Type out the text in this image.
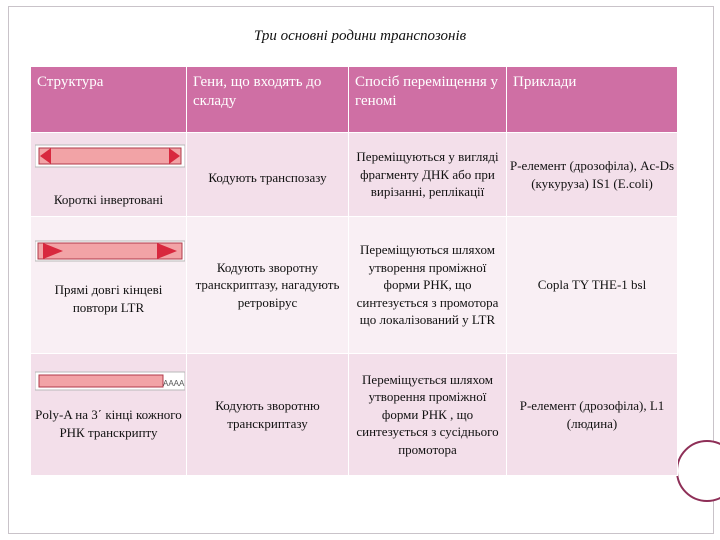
Три основні родини транспозонів
Структура	Гени, що входять до складу	Спосіб переміщення у геномі	Приклади

Короткі інвертовані	Кодують транспозазу	Переміщуються у вигляді фрагменту ДНК або при вирізанні, реплікації	P-елемент (дрозофіла), Ac-Ds (кукуруза) IS1 (E.coli)

Прямі довгі кінцеві повтори LTR	Кодують зворотну транскриптазу, нагадують ретровірус	Переміщуються шляхом утворення проміжної форми РНК, що синтезується з промотора що локалізований у LTR	Copla TY THE-1 bsl

AAAA
Poly-A на 3΄ кінці кожного РНК транскрипту	Кодують зворотню транскриптазу	Переміщується шляхом утворення проміжної форми РНК , що синтезується з сусіднього промотора	P-елемент (дрозофіла), L1 (людина)
